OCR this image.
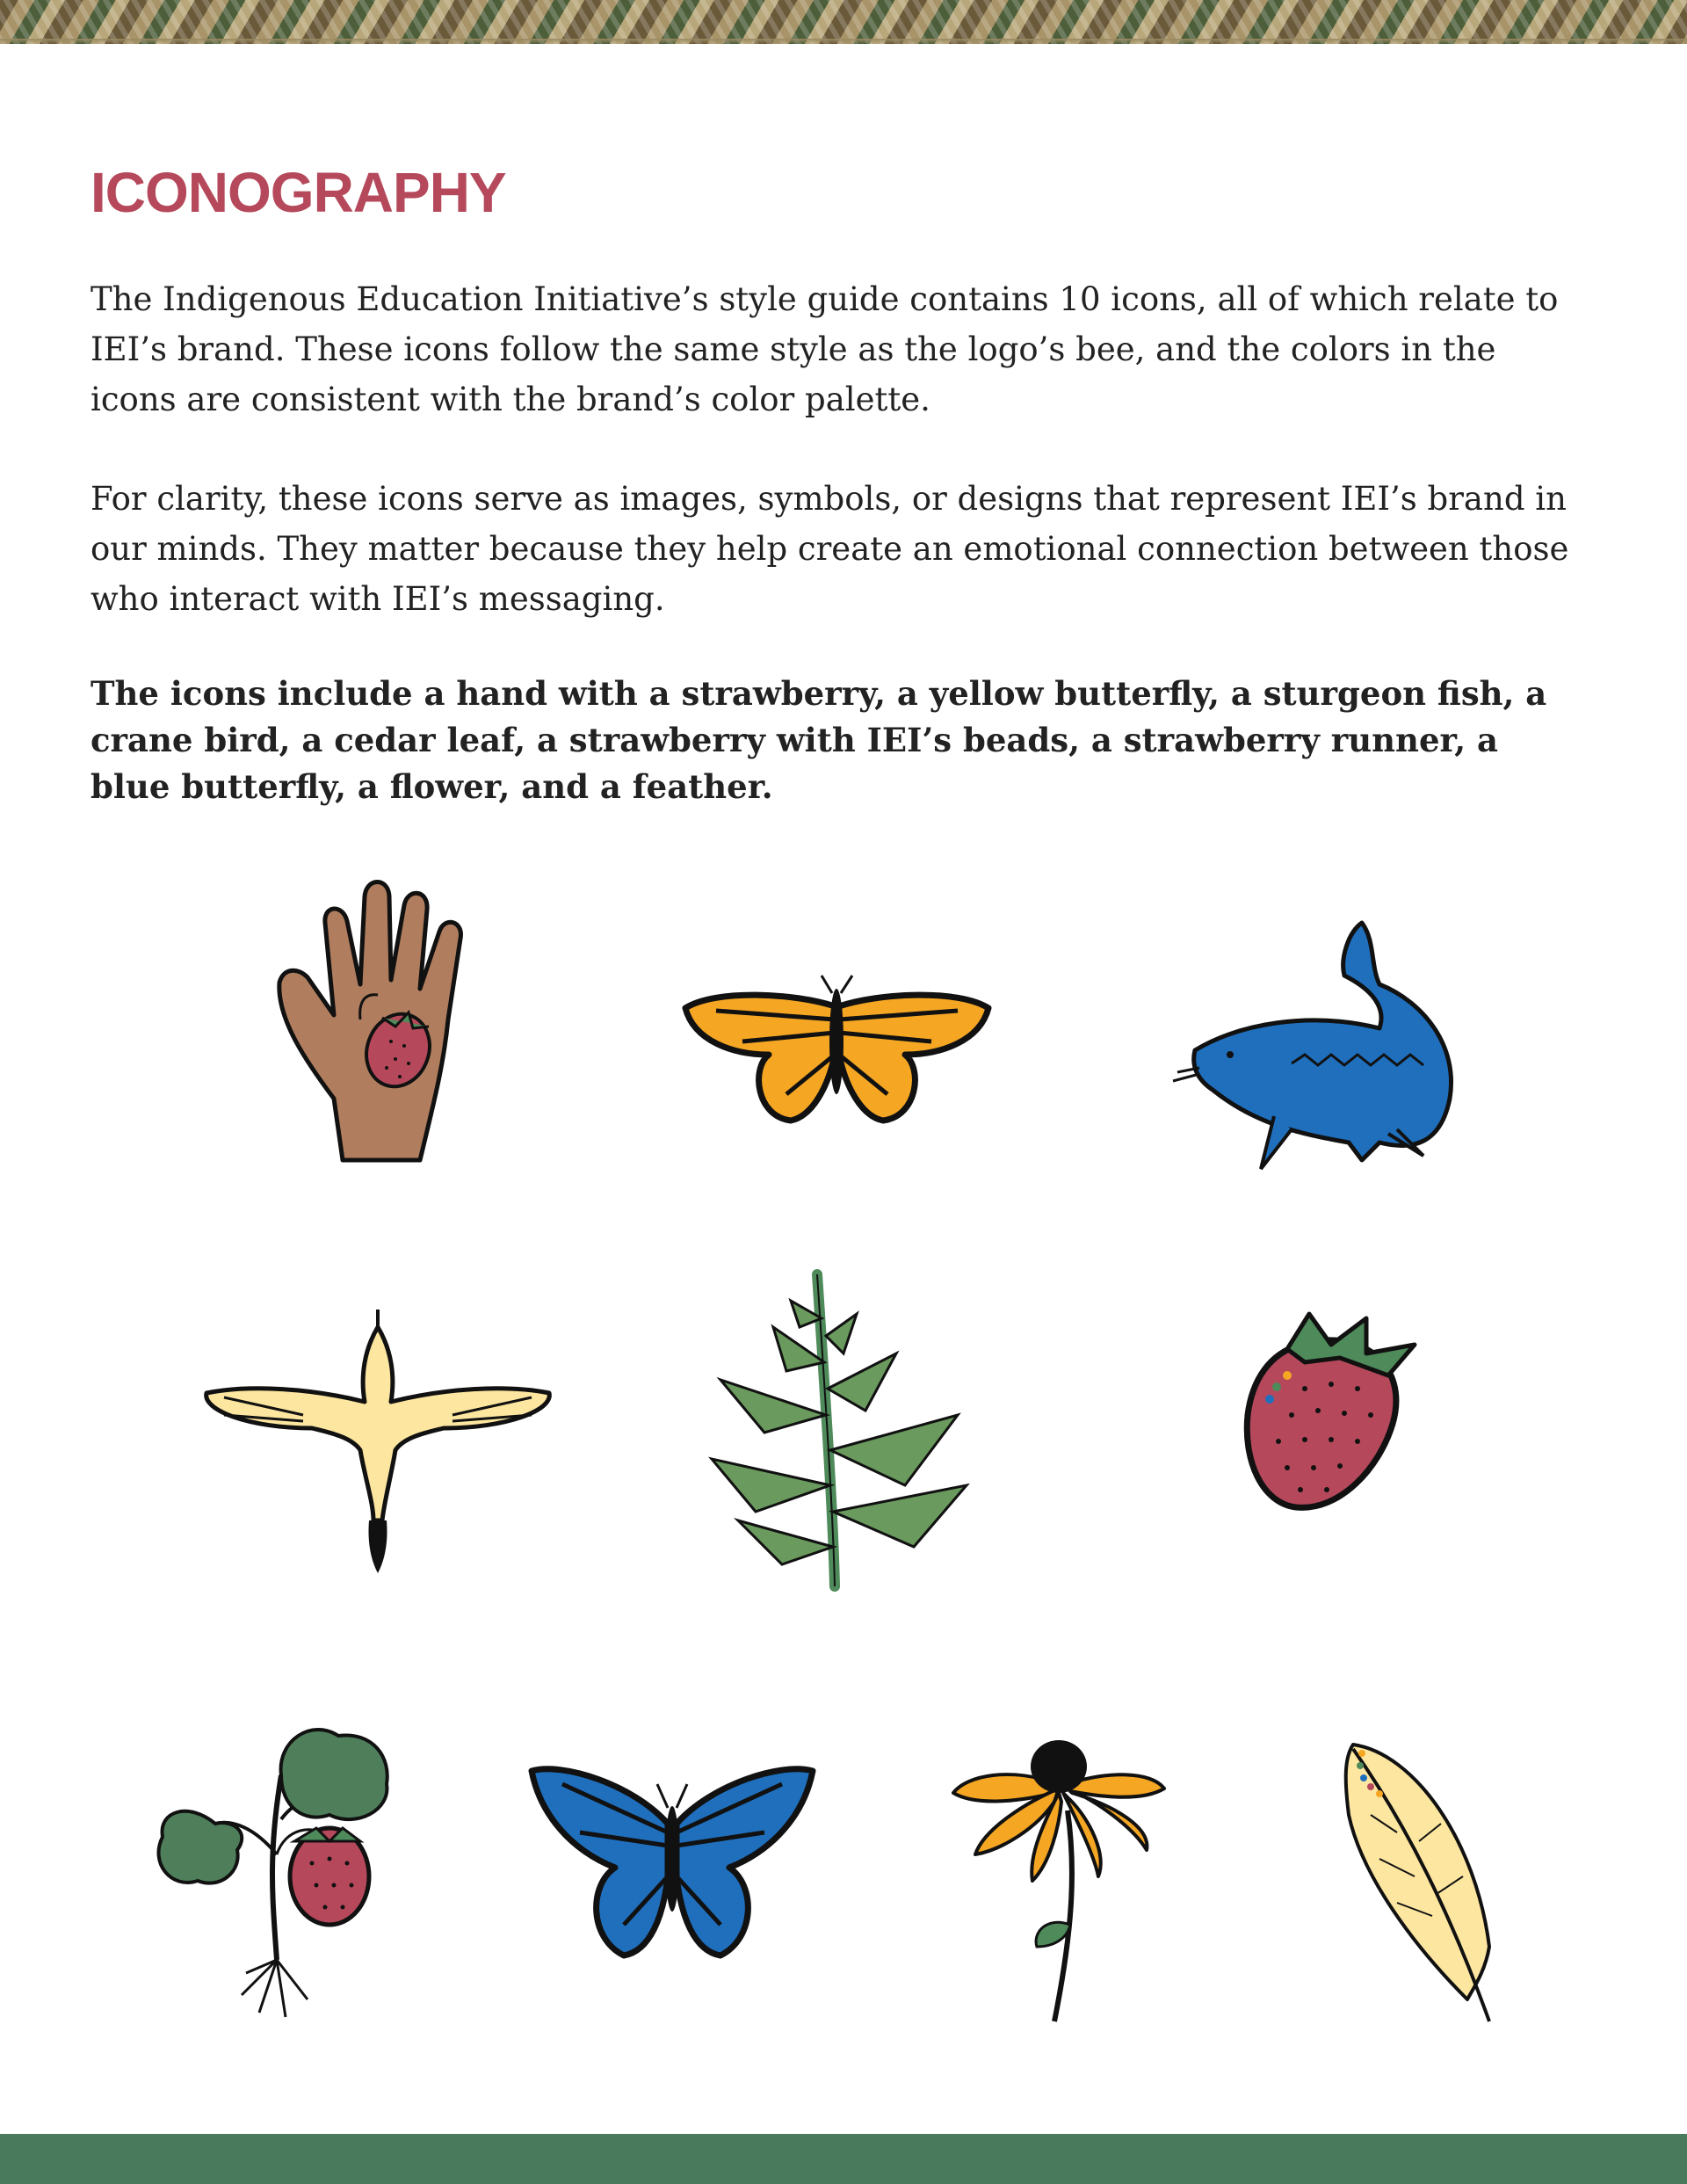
ICONOGRAPHY

The Indigenous Education Initiative’s style guide contains 10 icons, all of which relate to IEI’s brand. These icons follow the same style as the logo’s bee, and the colors in the icons are consistent with the brand’s color palette.

For clarity, these icons serve as images, symbols, or designs that represent IEI’s brand in our minds. They matter because they help create an emotional connection between those who interact with IEI’s messaging.

The icons include a hand with a strawberry, a yellow butterfly, a sturgeon fish, a crane bird, a cedar leaf, a strawberry with IEI’s beads, a strawberry runner, a blue butterfly, a flower, and a feather.
